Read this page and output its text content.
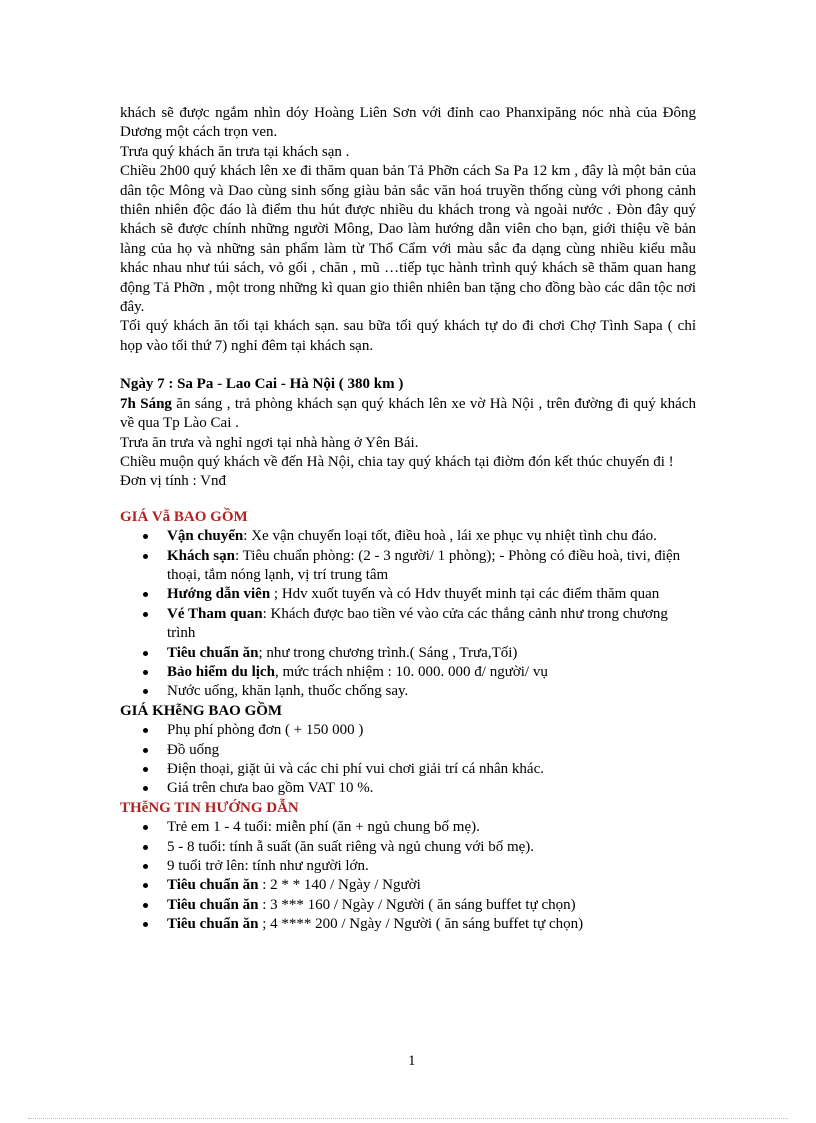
khách sẽ được ngắm nhìn dóy Hoàng Liên Sơn với đỉnh cao Phanxipăng nóc nhà của Đông Dương một cách trọn ven.

Trưa quý khách ăn trưa tại khách sạn .

Chiều 2h00 quý khách lên xe đi thăm quan bản Tả Phỡn cách Sa Pa 12 km , đây là một bản của dân tộc Mông và Dao cùng sinh sống giàu bản sắc văn hoá truyền thống cùng với phong cảnh thiên nhiên độc đáo là điểm thu hút được nhiều du khách trong và ngoài nước . Đòn đây quý khách sẽ được chính những người Mông, Dao làm hướng dẫn viên cho bạn, giới thiệu về bản làng của họ và những sản phẩm làm từ Thổ Cẩm với màu sắc đa dạng cùng nhiều kiểu mẫu khác nhau như túi sách, vỏ gối , chăn , mũ …tiếp tục hành trình quý khách sẽ thăm quan hang động Tả Phỡn , một trong những kì quan gio thiên nhiên ban tặng cho đồng bào các dân tộc nơi đây.

Tối quý khách ăn tối tại khách sạn. sau bữa tối quý khách tự do đi chơi Chợ Tình Sapa ( chỉ họp vào tối thứ 7) nghỉ đêm tại khách sạn.

Ngày 7 : Sa Pa - Lao Cai - Hà Nội ( 380 km )

7h Sáng ăn sáng , trả phòng khách sạn quý khách lên xe vờ Hà Nội , trên đường đi quý khách về qua Tp Lào Cai .

Trưa ăn trưa và nghỉ ngơi tại nhà hàng ở Yên Bái.

Chiều muộn quý khách về đến Hà Nội, chia tay quý khách tại điờm đón kết thúc chuyến đi !

Đơn vị tính : Vnđ

GIÁ Vẫ BAO GỒM

Vận chuyển: Xe vận chuyển loại tốt, điều hoà , lái xe phục vụ nhiệt tình chu đáo.
Khách sạn: Tiêu chuẩn phòng: (2 - 3 người/ 1 phòng); - Phòng có điều hoà, tivi, điện thoại, tắm nóng lạnh, vị trí trung tâm
Hướng dẫn viên ; Hdv xuốt tuyến và có Hdv thuyết minh tại các điểm thăm quan
Vé Tham quan: Khách được bao tiền vé vào cửa các thắng cảnh như trong chương trình
Tiêu chuẩn ăn; như trong chương trình.( Sáng , Trưa,Tối)
Bảo hiểm du lịch, mức trách nhiệm : 10. 000. 000 đ/ người/ vụ
Nước uống, khăn lạnh, thuốc chống say.

GIÁ KHễNG BAO GỒM

Phụ phí phòng đơn ( + 150 000 )
Đồ uống
Điện thoại, giặt ủi và các chi phí vui chơi giải trí cá nhân khác.
Giá trên chưa bao gồm VAT 10 %.

THễNG TIN HƯỚNG DẪN

Trẻ em 1 - 4 tuổi: miễn phí (ăn + ngủ chung bố mẹ).
5 - 8 tuổi: tính ẵ suất (ăn suất riêng và ngủ chung với bố mẹ).
9 tuổi trở lên: tính như người lớn.
Tiêu chuẩn ăn : 2 * * 140 / Ngày / Người
Tiêu chuẩn ăn : 3 *** 160 / Ngày / Người ( ăn sáng buffet tự chọn)
Tiêu chuẩn ăn ; 4 **** 200 / Ngày / Người ( ăn sáng buffet tự chọn)
1
